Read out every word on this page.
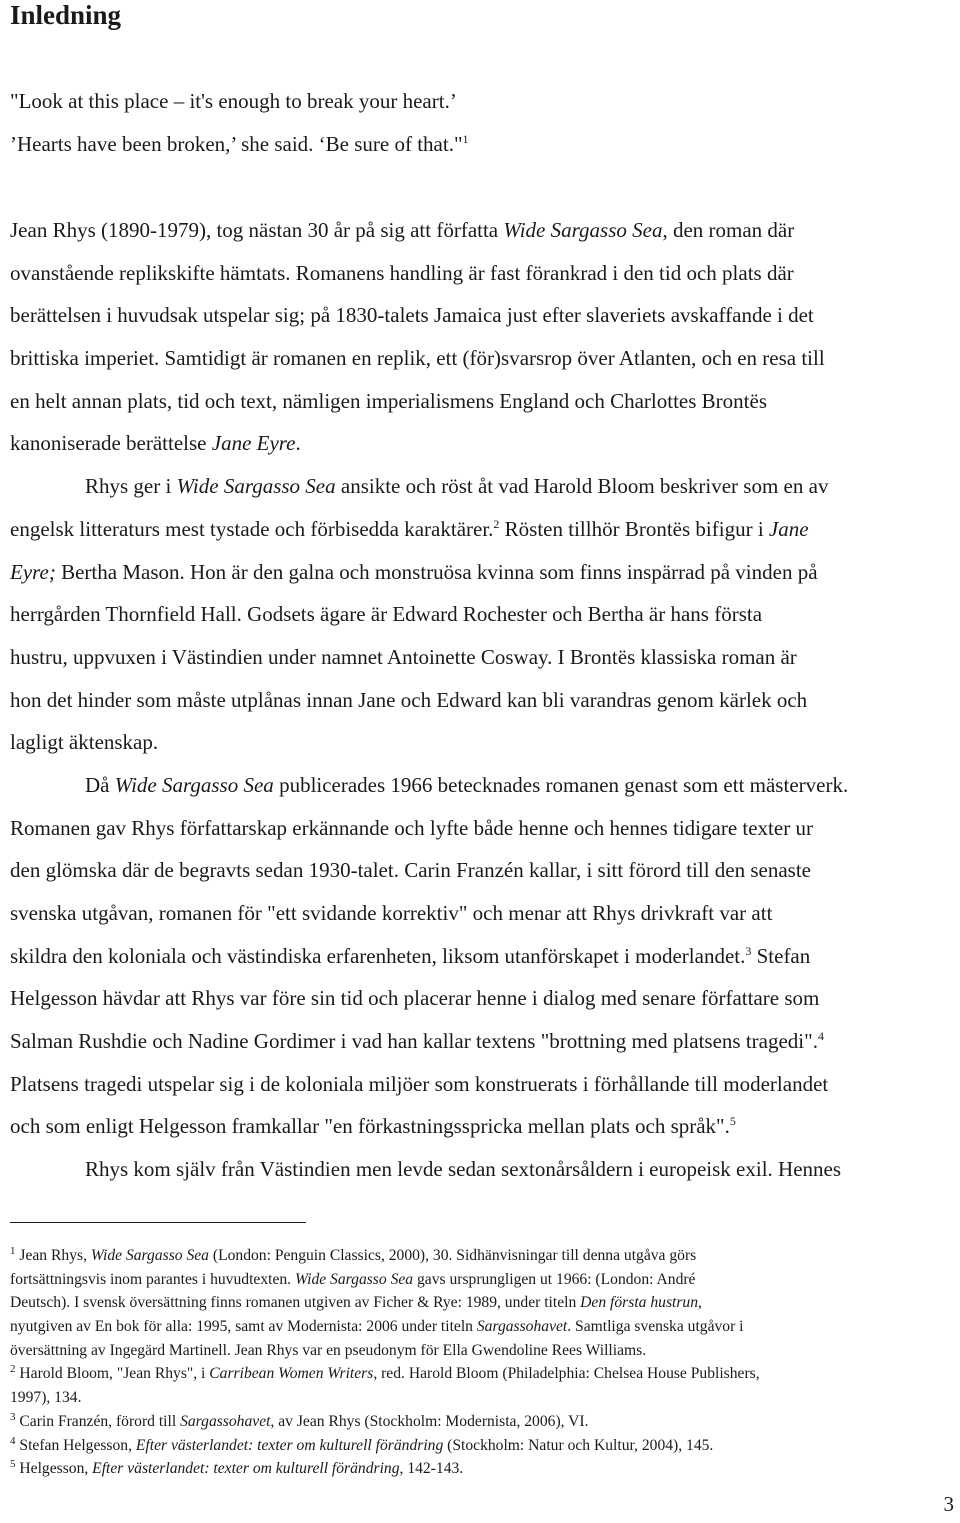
Inledning
"Look at this place – it's enough to break your heart.’
’Hearts have been broken,’ she said. ‘Be sure of that."$^1$
Jean Rhys (1890-1979), tog nästan 30 år på sig att författa Wide Sargasso Sea, den roman där
ovanstående replikskifte hämtats. Romanens handling är fast förankrad i den tid och plats där
berättelsen i huvudsak utspelar sig; på 1830-talets Jamaica just efter slaveriets avskaffande i det
brittiska imperiet. Samtidigt är romanen en replik, ett (för)svarsrop över Atlanten, och en resa till
en helt annan plats, tid och text, nämligen imperialismens England och Charlottes Brontës
kanoniserade berättelse Jane Eyre.
Rhys ger i Wide Sargasso Sea ansikte och röst åt vad Harold Bloom beskriver som en av
engelsk litteraturs mest tystade och förbisedda karaktärer.$^2$ Rösten tillhör Brontës bifigur i Jane
Eyre; Bertha Mason. Hon är den galna och monstruösa kvinna som finns inspärrad på vinden på
herrgården Thornfield Hall. Godsets ägare är Edward Rochester och Bertha är hans första
hustru, uppvuxen i Västindien under namnet Antoinette Cosway. I Brontës klassiska roman är
hon det hinder som måste utplånas innan Jane och Edward kan bli varandras genom kärlek och
lagligt äktenskap.
Då Wide Sargasso Sea publicerades 1966 betecknades romanen genast som ett mästerverk.
Romanen gav Rhys författarskap erkännande och lyfte både henne och hennes tidigare texter ur
den glömska där de begravts sedan 1930-talet. Carin Franzén kallar, i sitt förord till den senaste
svenska utgåvan, romanen för "ett svidande korrektiv" och menar att Rhys drivkraft var att
skildra den koloniala och västindiska erfarenheten, liksom utanförskapet i moderlandet.$^3$ Stefan
Helgesson hävdar att Rhys var före sin tid och placerar henne i dialog med senare författare som
Salman Rushdie och Nadine Gordimer i vad han kallar textens "brottning med platsens tragedi".$^4$
Platsens tragedi utspelar sig i de koloniala miljöer som konstruerats i förhållande till moderlandet
och som enligt Helgesson framkallar "en förkastningsspricka mellan plats och språk".$^5$
Rhys kom själv från Västindien men levde sedan sextonårsåldern i europeisk exil. Hennes
$^1$ Jean Rhys, Wide Sargasso Sea (London: Penguin Classics, 2000), 30. Sidhänvisningar till denna utgåva görs
fortsättningsvis inom parantes i huvudtexten. Wide Sargasso Sea gavs ursprungligen ut 1966: (London: André
Deutsch). I svensk översättning finns romanen utgiven av Ficher & Rye: 1989, under titeln Den första hustrun,
nyutgiven av En bok för alla: 1995, samt av Modernista: 2006 under titeln Sargassohavet. Samtliga svenska utgåvor i
översättning av Ingegärd Martinell. Jean Rhys var en pseudonym för Ella Gwendoline Rees Williams.
$^2$ Harold Bloom, "Jean Rhys", i Carribean Women Writers, red. Harold Bloom (Philadelphia: Chelsea House Publishers,
1997), 134.
$^3$ Carin Franzén, förord till Sargassohavet, av Jean Rhys (Stockholm: Modernista, 2006), VI.
$^4$ Stefan Helgesson, Efter västerlandet: texter om kulturell förändring (Stockholm: Natur och Kultur, 2004), 145.
$^5$ Helgesson, Efter västerlandet: texter om kulturell förändring, 142-143.
3
